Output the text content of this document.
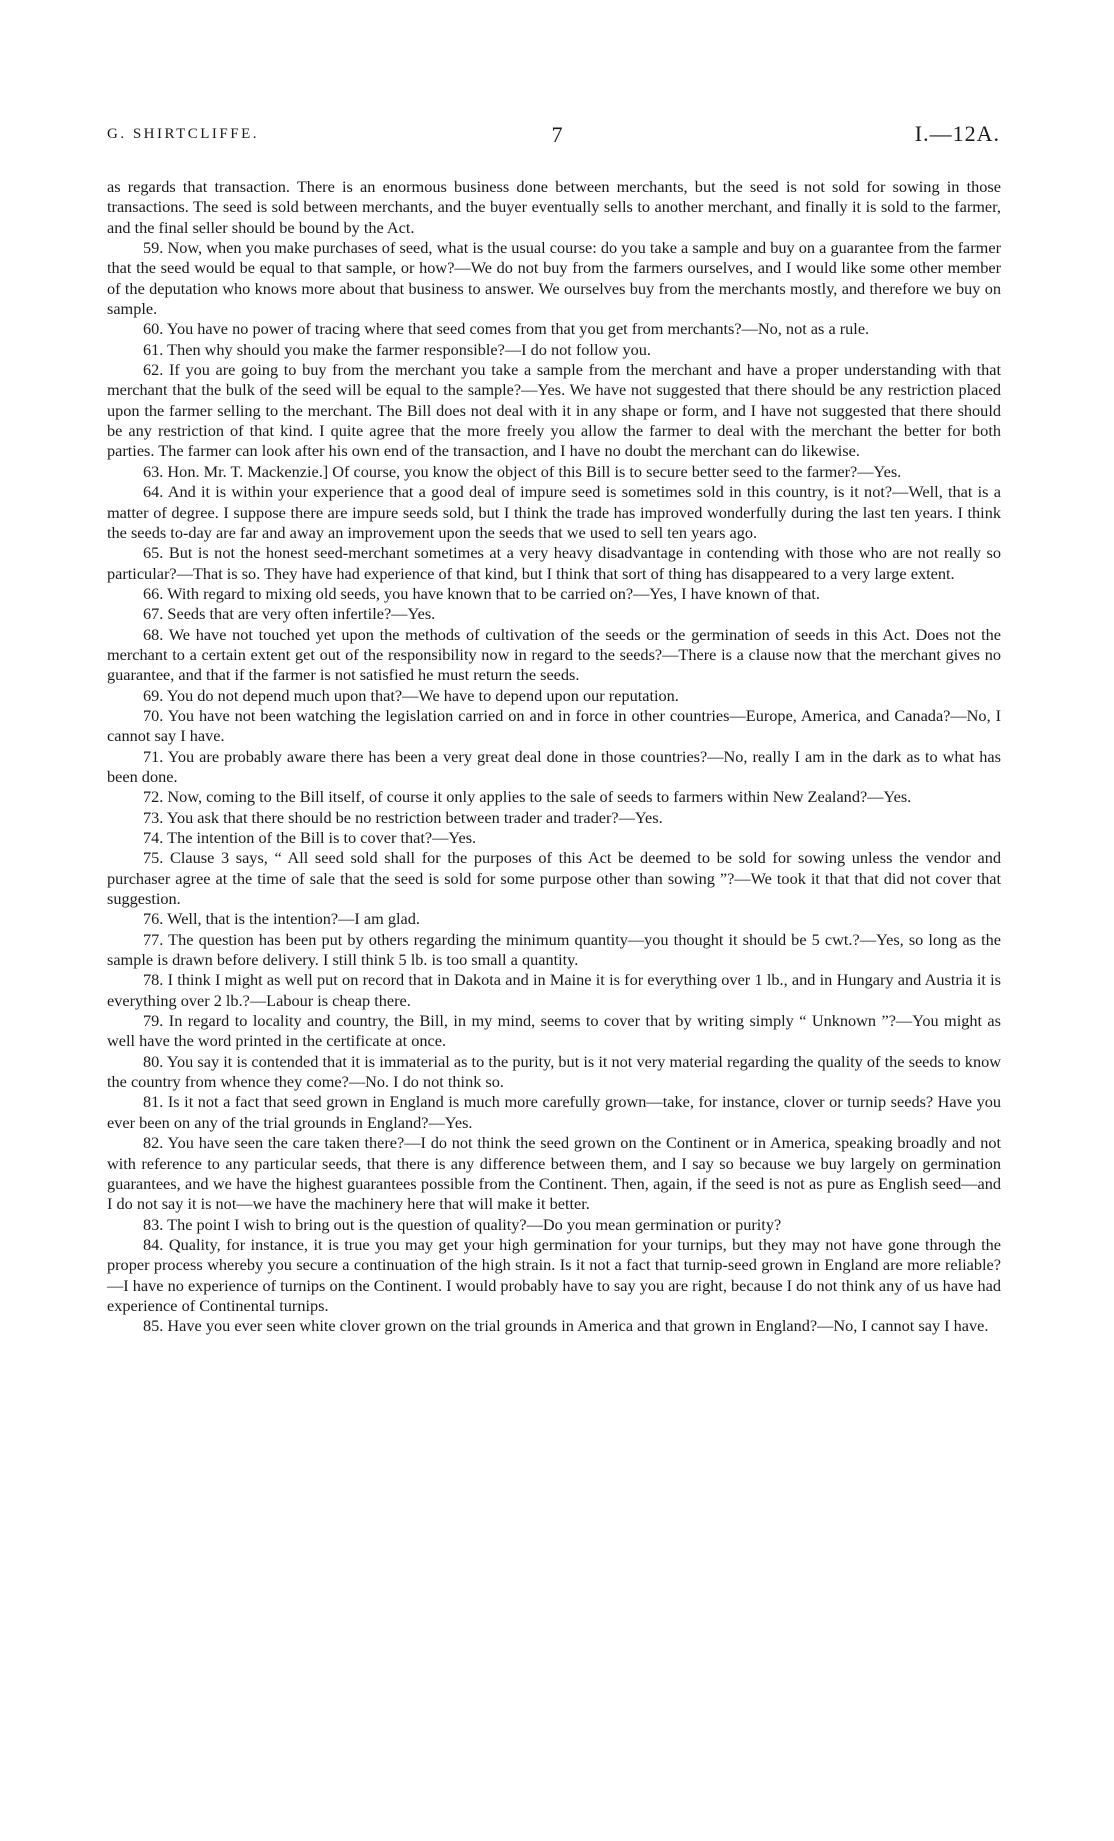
G. SHIRTCLIFFE.	7	I.—12A.

as regards that transaction. There is an enormous business done between merchants, but the seed is not sold for sowing in those transactions. The seed is sold between merchants, and the buyer eventually sells to another merchant, and finally it is sold to the farmer, and the final seller should be bound by the Act.

59. Now, when you make purchases of seed, what is the usual course: do you take a sample and buy on a guarantee from the farmer that the seed would be equal to that sample, or how?—We do not buy from the farmers ourselves, and I would like some other member of the deputation who knows more about that business to answer. We ourselves buy from the merchants mostly, and therefore we buy on sample.

60. You have no power of tracing where that seed comes from that you get from merchants?—No, not as a rule.

61. Then why should you make the farmer responsible?—I do not follow you.

62. If you are going to buy from the merchant you take a sample from the merchant and have a proper understanding with that merchant that the bulk of the seed will be equal to the sample?—Yes. We have not suggested that there should be any restriction placed upon the farmer selling to the merchant. The Bill does not deal with it in any shape or form, and I have not suggested that there should be any restriction of that kind. I quite agree that the more freely you allow the farmer to deal with the merchant the better for both parties. The farmer can look after his own end of the transaction, and I have no doubt the merchant can do likewise.

63. Hon. Mr. T. Mackenzie.] Of course, you know the object of this Bill is to secure better seed to the farmer?—Yes.

64. And it is within your experience that a good deal of impure seed is sometimes sold in this country, is it not?—Well, that is a matter of degree. I suppose there are impure seeds sold, but I think the trade has improved wonderfully during the last ten years. I think the seeds to-day are far and away an improvement upon the seeds that we used to sell ten years ago.

65. But is not the honest seed-merchant sometimes at a very heavy disadvantage in contending with those who are not really so particular?—That is so. They have had experience of that kind, but I think that sort of thing has disappeared to a very large extent.

66. With regard to mixing old seeds, you have known that to be carried on?—Yes, I have known of that.

67. Seeds that are very often infertile?—Yes.

68. We have not touched yet upon the methods of cultivation of the seeds or the germination of seeds in this Act. Does not the merchant to a certain extent get out of the responsibility now in regard to the seeds?—There is a clause now that the merchant gives no guarantee, and that if the farmer is not satisfied he must return the seeds.

69. You do not depend much upon that?—We have to depend upon our reputation.

70. You have not been watching the legislation carried on and in force in other countries—Europe, America, and Canada?—No, I cannot say I have.

71. You are probably aware there has been a very great deal done in those countries?—No, really I am in the dark as to what has been done.

72. Now, coming to the Bill itself, of course it only applies to the sale of seeds to farmers within New Zealand?—Yes.

73. You ask that there should be no restriction between trader and trader?—Yes.

74. The intention of the Bill is to cover that?—Yes.

75. Clause 3 says, “ All seed sold shall for the purposes of this Act be deemed to be sold for sowing unless the vendor and purchaser agree at the time of sale that the seed is sold for some purpose other than sowing ”?—We took it that that did not cover that suggestion.

76. Well, that is the intention?—I am glad.

77. The question has been put by others regarding the minimum quantity—you thought it should be 5 cwt.?—Yes, so long as the sample is drawn before delivery. I still think 5 lb. is too small a quantity.

78. I think I might as well put on record that in Dakota and in Maine it is for everything over 1 lb., and in Hungary and Austria it is everything over 2 lb.?—Labour is cheap there.

79. In regard to locality and country, the Bill, in my mind, seems to cover that by writing simply “ Unknown ”?—You might as well have the word printed in the certificate at once.

80. You say it is contended that it is immaterial as to the purity, but is it not very material regarding the quality of the seeds to know the country from whence they come?—No. I do not think so.

81. Is it not a fact that seed grown in England is much more carefully grown—take, for instance, clover or turnip seeds? Have you ever been on any of the trial grounds in England?—Yes.

82. You have seen the care taken there?—I do not think the seed grown on the Continent or in America, speaking broadly and not with reference to any particular seeds, that there is any difference between them, and I say so because we buy largely on germination guarantees, and we have the highest guarantees possible from the Continent. Then, again, if the seed is not as pure as English seed—and I do not say it is not—we have the machinery here that will make it better.

83. The point I wish to bring out is the question of quality?—Do you mean germination or purity?

84. Quality, for instance, it is true you may get your high germination for your turnips, but they may not have gone through the proper process whereby you secure a continuation of the high strain. Is it not a fact that turnip-seed grown in England are more reliable?—I have no experience of turnips on the Continent. I would probably have to say you are right, because I do not think any of us have had experience of Continental turnips.

85. Have you ever seen white clover grown on the trial grounds in America and that grown in England?—No, I cannot say I have.
